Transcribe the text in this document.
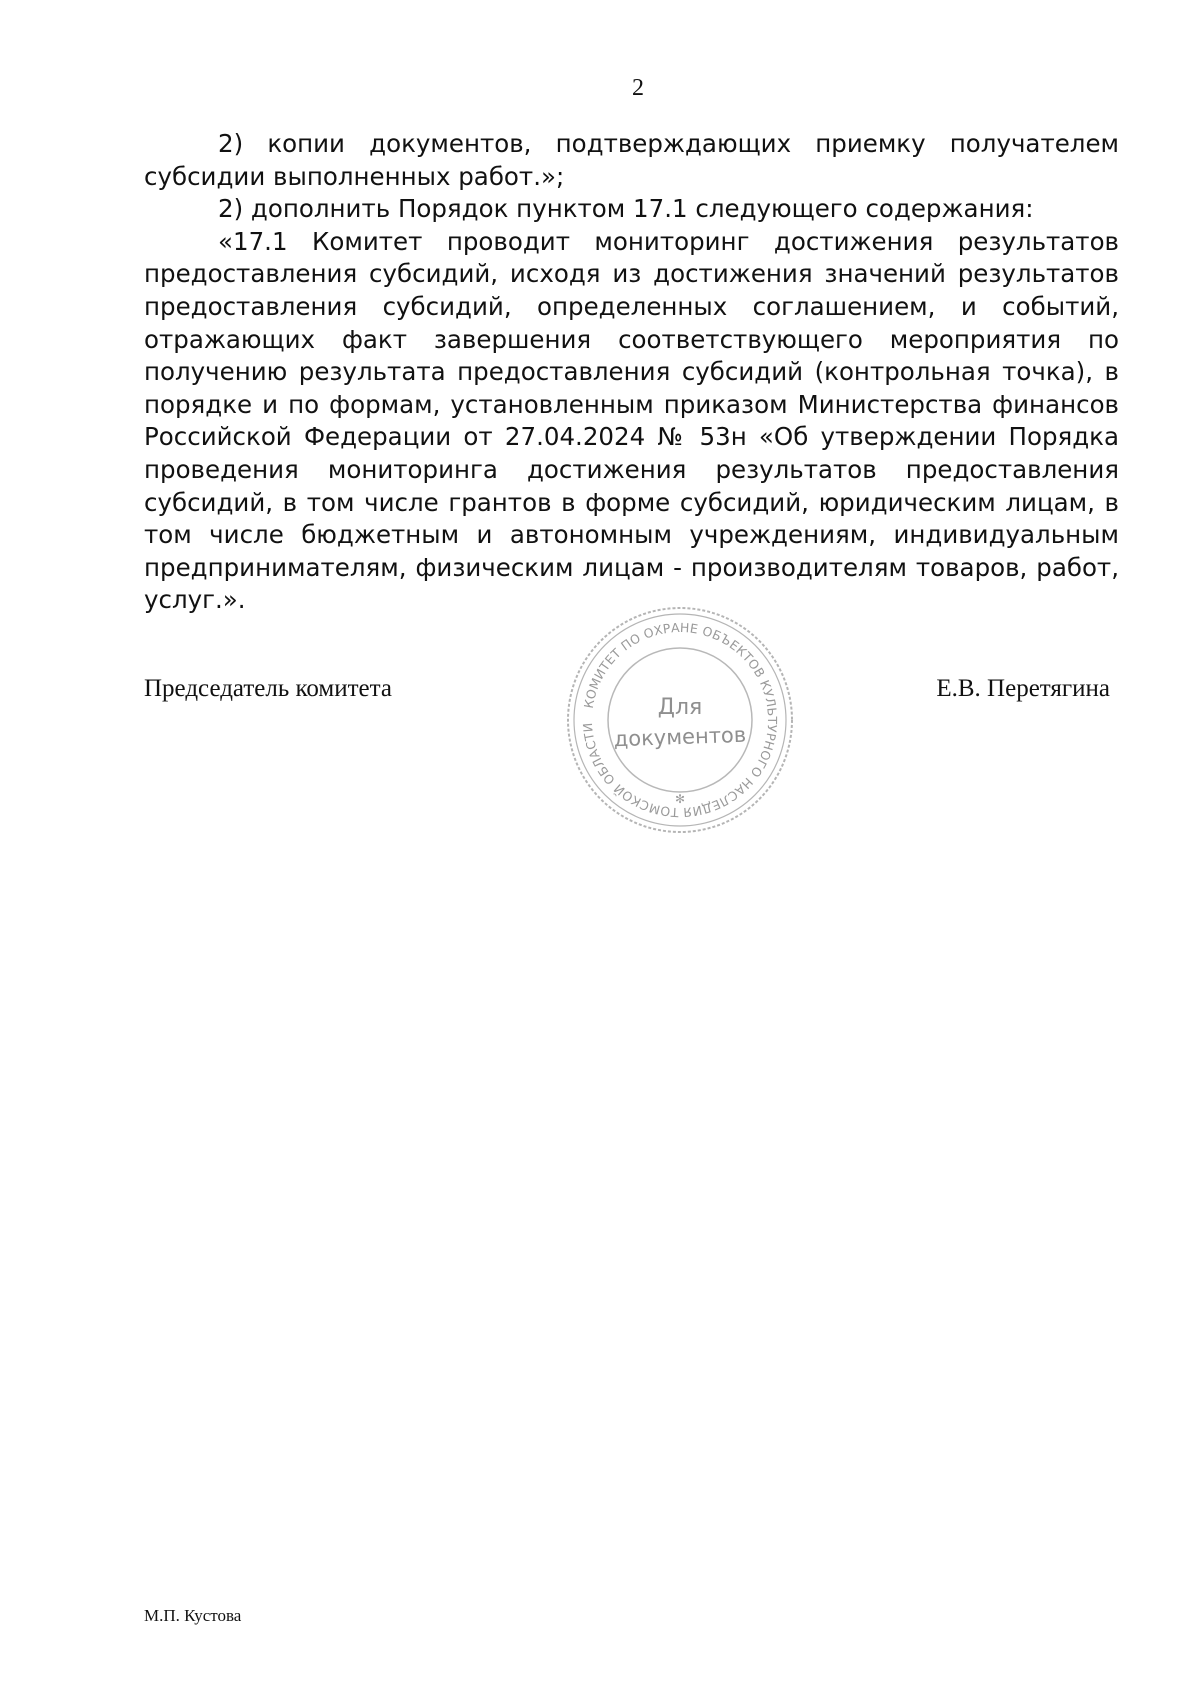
2

2) копии документов, подтверждающих приемку получателем субсидии выполненных работ.»;

2) дополнить Порядок пунктом 17.1 следующего содержания:

«17.1 Комитет проводит мониторинг достижения результатов предоставления субсидий, исходя из достижения значений результатов предоставления субсидий, определенных соглашением, и событий, отражающих факт завершения соответствующего мероприятия по получению результата предоставления субсидий (контрольная точка), в порядке и по формам, установленным приказом Министерства финансов Российской Федерации от 27.04.2024 № 53н «Об утверждении Порядка проведения мониторинга достижения результатов предоставления субсидий, в том числе грантов в форме субсидий, юридическим лицам, в том числе бюджетным и автономным учреждениям, индивидуальным предпринимателям, физическим лицам - производителям товаров, работ, услуг.».

Председатель комитета	Е.В. Перетягина
КОМИТЕТ ПО ОХРАНЕ ОБЪЕКТОВ КУЛЬТУРНОГО НАСЛЕДИЯ ТОМСКОЙ ОБЛАСТИ
✻
Для
документов
М.П. Кустова
